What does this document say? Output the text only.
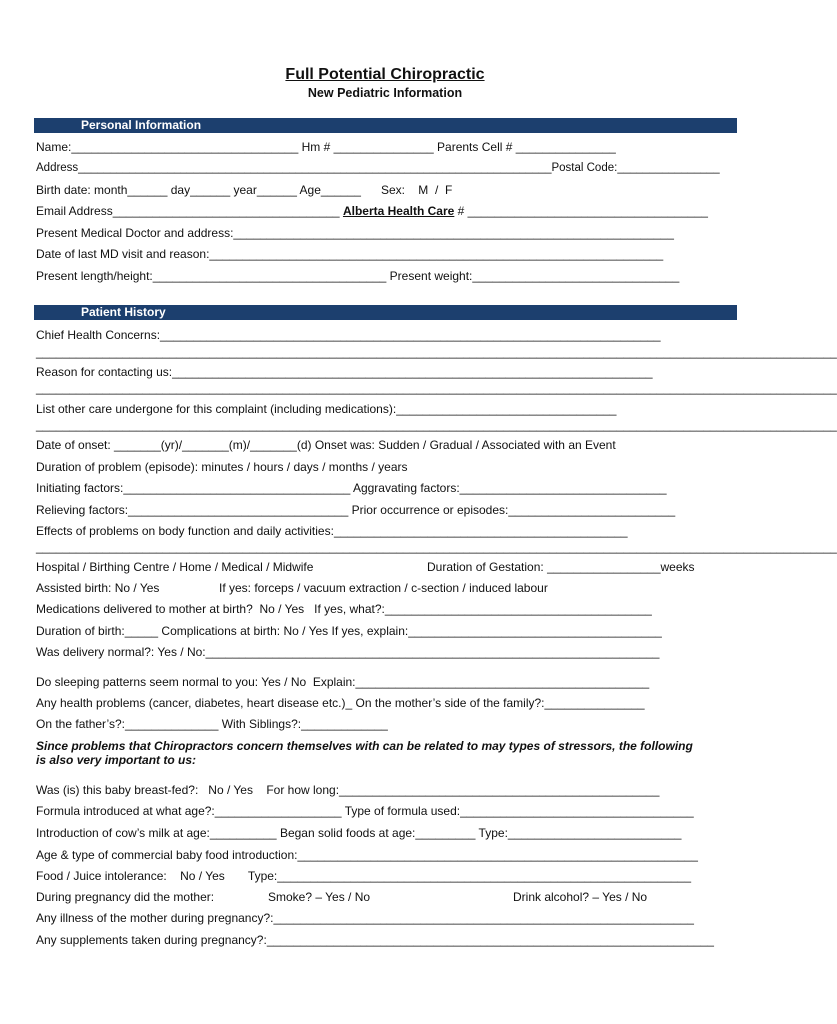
Full Potential Chiropractic
New Pediatric Information
Personal Information
Name:__________________________________ Hm # _______________ Parents Cell # _______________
Address__________________________________________________________________________Postal Code:________________
Birth date: month______ day______ year______ Age______      Sex:    M  /  F
Email Address__________________________________ Alberta Health Care # ____________________________________
Present Medical Doctor and address:__________________________________________________________________
Date of last MD visit and reason:____________________________________________________________________
Present length/height:___________________________________ Present weight:_______________________________
Patient History
Chief Health Concerns:___________________________________________________________________________
________________________________________________________________________________________________________________________
Reason for contacting us:________________________________________________________________________
________________________________________________________________________________________________________________________
List other care undergone for this complaint (including medications):_________________________________
________________________________________________________________________________________________________________________
Date of onset: _______(yr)/_______(m)/_______(d) Onset was: Sudden / Gradual / Associated with an Event
Duration of problem (episode): minutes / hours / days / months / years
Initiating factors:__________________________________ Aggravating factors:_______________________________
Relieving factors:_________________________________ Prior occurrence or episodes:_________________________
Effects of problems on body function and daily activities:____________________________________________
________________________________________________________________________________________________________________________
Hospital / Birthing Centre / Home / Medical / Midwife	Duration of Gestation: _________________weeks
Assisted birth: No / Yes	If yes: forceps / vacuum extraction / c-section / induced labour
Medications delivered to mother at birth?  No / Yes   If yes, what?:________________________________________
Duration of birth:_____ Complications at birth: No / Yes If yes, explain:______________________________________
Was delivery normal?: Yes / No:____________________________________________________________________
Do sleeping patterns seem normal to you: Yes / No  Explain:____________________________________________
Any health problems (cancer, diabetes, heart disease etc.)_ On the mother’s side of the family?:_______________
On the father’s?:______________ With Siblings?:_____________
Since problems that Chiropractors concern themselves with can be related to may types of stressors, the following is also very important to us:
Was (is) this baby breast-fed?:   No / Yes    For how long:________________________________________________
Formula introduced at what age?:___________________ Type of formula used:___________________________________
Introduction of cow’s milk at age:__________ Began solid foods at age:_________ Type:__________________________
Age & type of commercial baby food introduction:____________________________________________________________
Food / Juice intolerance:    No / Yes       Type:______________________________________________________________
During pregnancy did the mother:	Smoke? – Yes / No	Drink alcohol? – Yes / No
Any illness of the mother during pregnancy?:_______________________________________________________________
Any supplements taken during pregnancy?:___________________________________________________________________
